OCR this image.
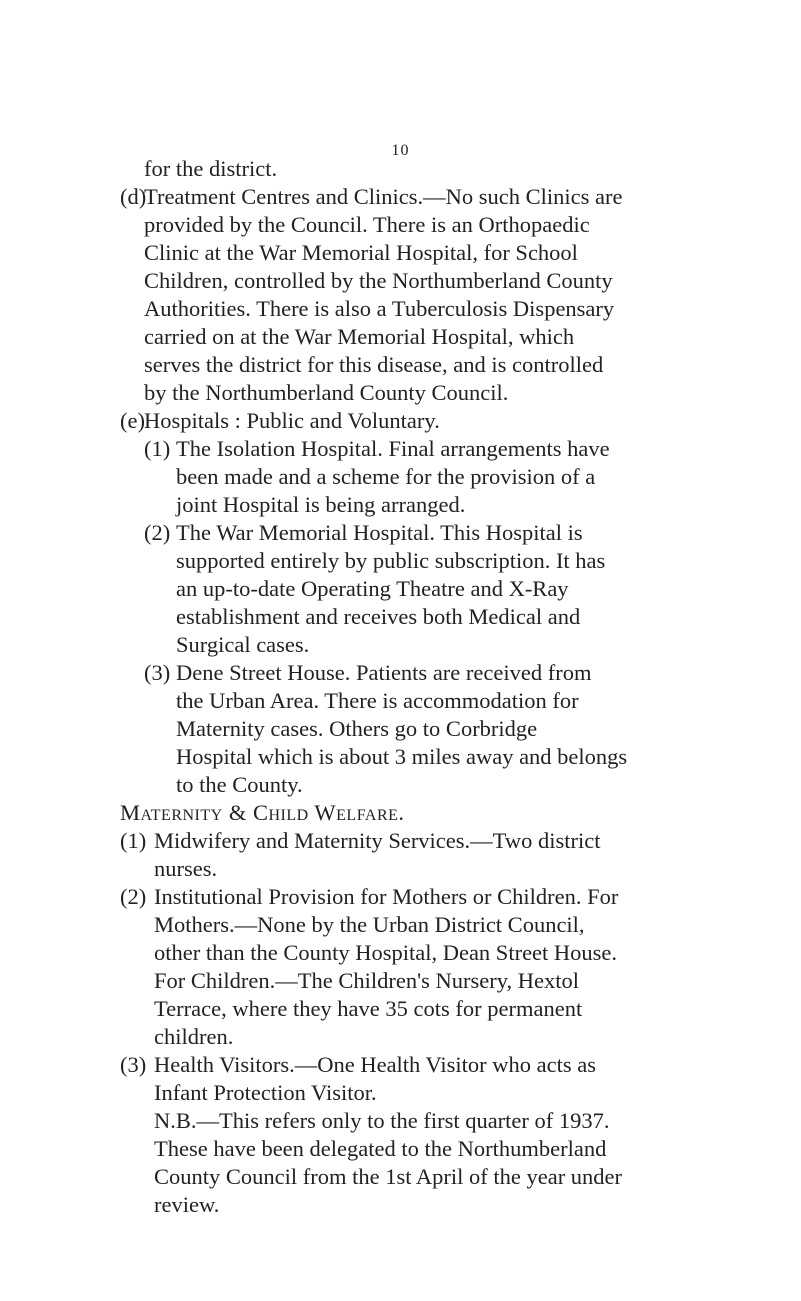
10
for the district.
(d)
Treatment Centres and Clinics.—No such Clinics are
provided by the Council. There is an Orthopaedic
Clinic at the War Memorial Hospital, for School
Children, controlled by the Northumberland County
Authorities. There is also a Tuberculosis Dispensary
carried on at the War Memorial Hospital, which
serves the district for this disease, and is controlled
by the Northumberland County Council.
(e) Hospitals : Public and Voluntary.
(1) The Isolation Hospital. Final arrangements have
been made and a scheme for the provision of a
joint Hospital is being arranged.
(2) The War Memorial Hospital. This Hospital is
supported entirely by public subscription. It has
an up-to-date Operating Theatre and X-Ray
establishment and receives both Medical and
Surgical cases.
(3) Dene Street House. Patients are received from
the Urban Area. There is accommodation for
Maternity cases. Others go to Corbridge
Hospital which is about 3 miles away and belongs
to the County.
Maternity & Child Welfare.
(1) Midwifery and Maternity Services.—Two district
nurses.
(2) Institutional Provision for Mothers or Children. For
Mothers.—None by the Urban District Council,
other than the County Hospital, Dean Street House.
For Children.—The Children's Nursery, Hextol
Terrace, where they have 35 cots for permanent
children.
(3) Health Visitors.—One Health Visitor who acts as
Infant Protection Visitor.
N.B.—This refers only to the first quarter of 1937.
These have been delegated to the Northumberland
County Council from the 1st April of the year under
review.
